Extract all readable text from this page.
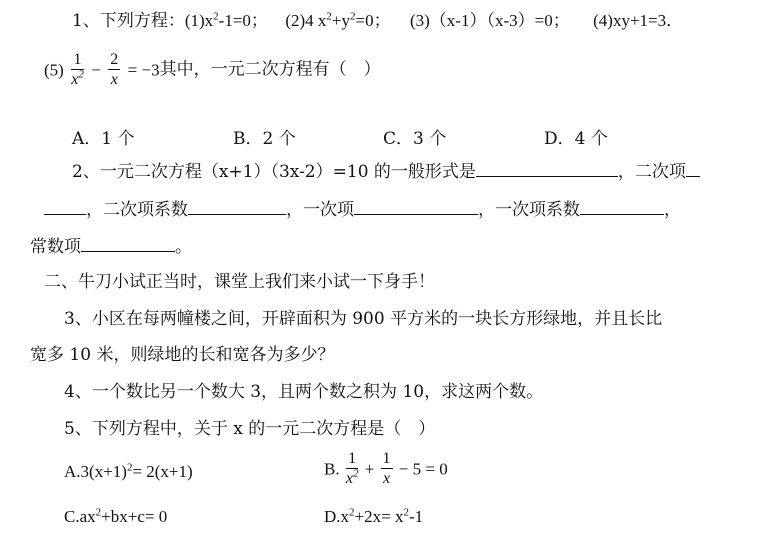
1、下列方程：$(1)x^2-1=0$； (2)4 $x^2+y^2=0$； (3)（x-1）（x-3）=0； (4)xy+1=3．
$(5) \frac{1}{x^2} - \frac{2}{x} = -3$其中，一元二次方程有（　）
A．1 个	B．2 个	C．3 个	D．4 个
2、一元二次方程（x+1）（3x-2）=10 的一般形式是	，二次项
，二次项系数	，一次项	，一次项系数	，
常数项	。
二、牛刀小试正当时，课堂上我们来小试一下身手！
3、小区在每两幢楼之间，开辟面积为 900 平方米的一块长方形绿地，并且长比
宽多 10 米，则绿地的长和宽各为多少？
4、一个数比另一个数大 3，且两个数之积为 10，求这两个数。
5、下列方程中，关于 x 的一元二次方程是（　）
$A.3(x+1)^2= 2(x+1)$	B. $\frac{1}{x^2} + \frac{1}{x} - 5 = 0$
$C.ax^2+bx+c= 0$	$D.x^2+2x= x^2-1$
